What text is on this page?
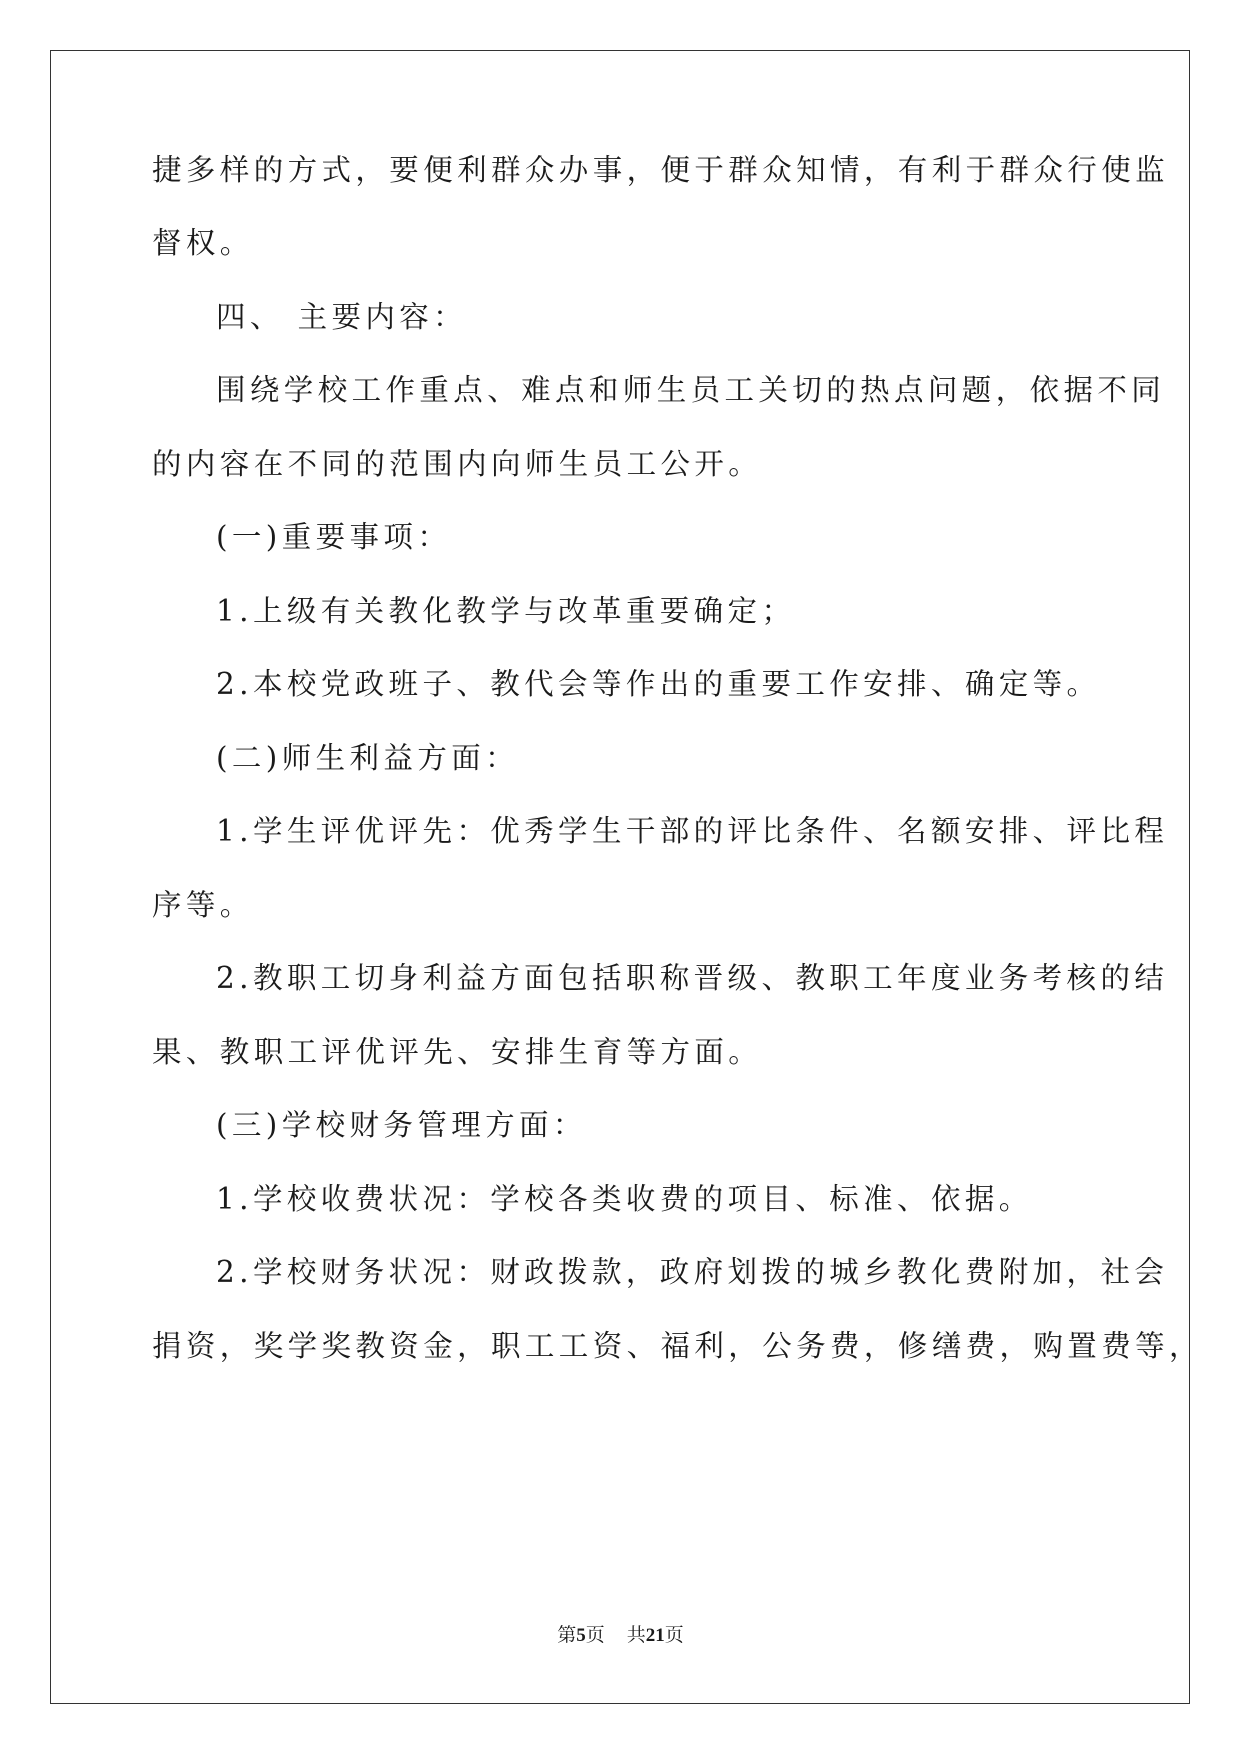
捷多样的方式，要便利群众办事，便于群众知情，有利于群众行使监
督权。
四、 主要内容：
围绕学校工作重点、难点和师生员工关切的热点问题，依据不同
的内容在不同的范围内向师生员工公开。
(一)重要事项：
1.上级有关教化教学与改革重要确定；
2.本校党政班子、教代会等作出的重要工作安排、确定等。
(二)师生利益方面：
1.学生评优评先：优秀学生干部的评比条件、名额安排、评比程
序等。
2.教职工切身利益方面包括职称晋级、教职工年度业务考核的结
果、教职工评优评先、安排生育等方面。
(三)学校财务管理方面：
1.学校收费状况：学校各类收费的项目、标准、依据。
2.学校财务状况：财政拨款，政府划拨的城乡教化费附加，社会
捐资，奖学奖教资金，职工工资、福利，公务费，修缮费，购置费等，
第5页 共21页
